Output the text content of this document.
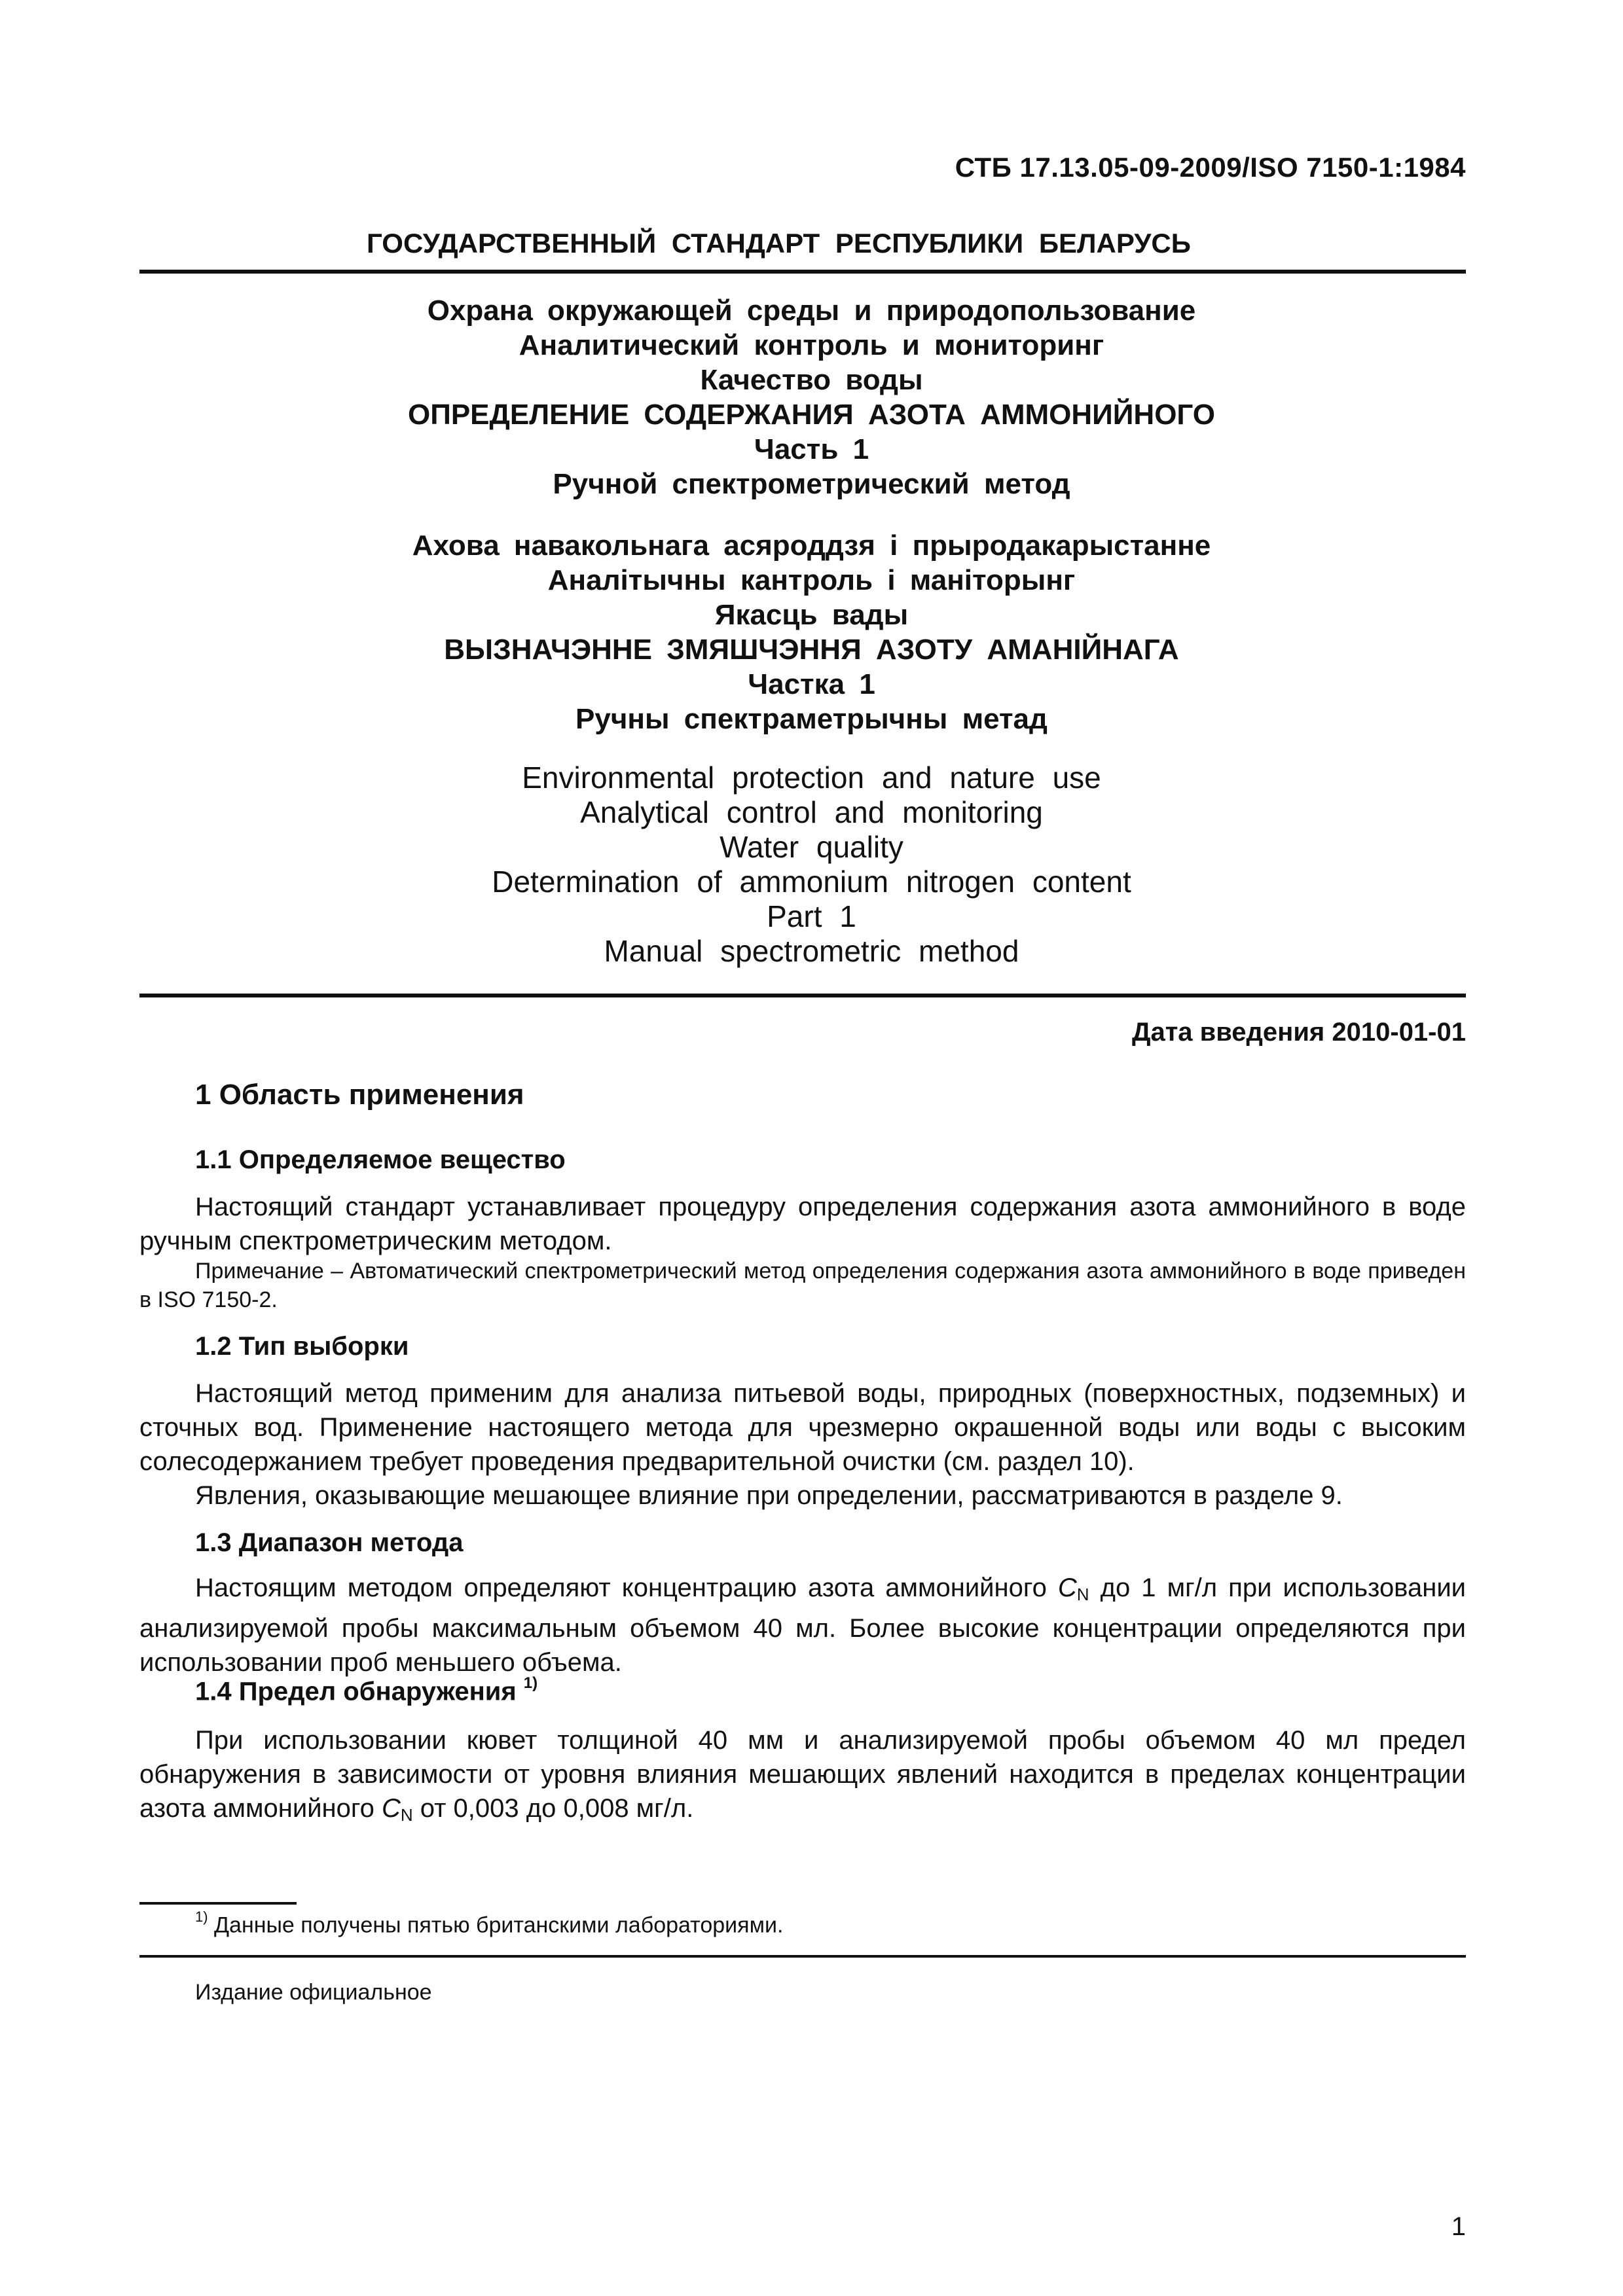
СТБ 17.13.05-09-2009/ISO 7150-1:1984
ГОСУДАРСТВЕННЫЙ СТАНДАРТ РЕСПУБЛИКИ БЕЛАРУСЬ
Охрана окружающей среды и природопользование
Аналитический контроль и мониторинг
Качество воды
ОПРЕДЕЛЕНИЕ СОДЕРЖАНИЯ АЗОТА АММОНИЙНОГО
Часть 1
Ручной спектрометрический метод
Ахова навакольнага асяроддзя і прыродакарыстанне
Аналітычны кантроль і маніторынг
Якасць вады
ВЫЗНАЧЭННЕ ЗМЯШЧЭННЯ АЗОТУ АМАНІЙНАГА
Частка 1
Ручны спектраметрычны метад
Environmental protection and nature use
Analytical control and monitoring
Water quality
Determination of ammonium nitrogen content
Part 1
Manual spectrometric method
Дата введения 2010-01-01
1 Область применения
1.1 Определяемое вещество
Настоящий стандарт устанавливает процедуру определения содержания азота аммонийного в воде ручным спектрометрическим методом.
Примечание – Автоматический спектрометрический метод определения содержания азота аммонийного в воде приведен в ISO 7150-2.
1.2 Тип выборки
Настоящий метод применим для анализа питьевой воды, природных (поверхностных, подземных) и сточных вод. Применение настоящего метода для чрезмерно окрашенной воды или воды с высоким солесодержанием требует проведения предварительной очистки (см. раздел 10).
Явления, оказывающие мешающее влияние при определении, рассматриваются в разделе 9.
1.3 Диапазон метода
Настоящим методом определяют концентрацию азота аммонийного $C_N$ до 1 мг/л при использовании анализируемой пробы максимальным объемом 40 мл. Более высокие концентрации определяются при использовании проб меньшего объема.
1.4 Предел обнаружения $^{1)}$
При использовании кювет толщиной 40 мм и анализируемой пробы объемом 40 мл предел обнаружения в зависимости от уровня влияния мешающих явлений находится в пределах концентрации азота аммонийного $C_N$ от 0,003 до 0,008 мг/л.
$^{1)}$ Данные получены пятью британскими лабораториями.
Издание официальное
1
